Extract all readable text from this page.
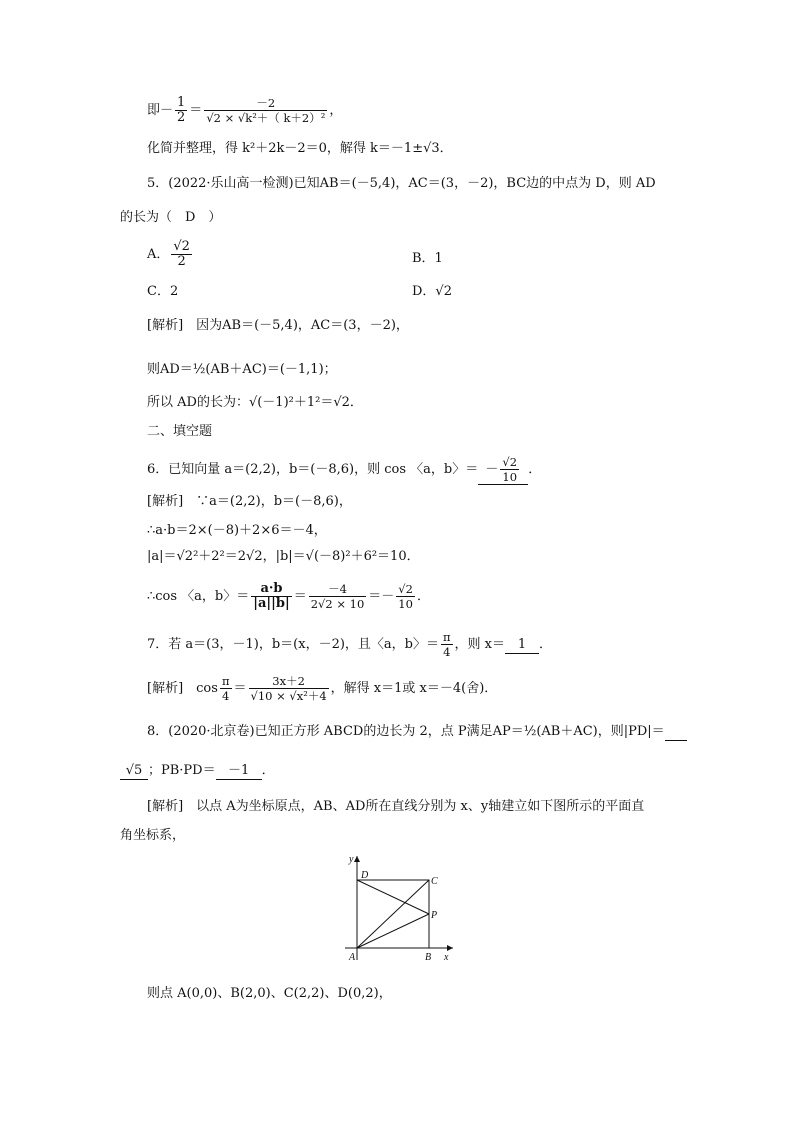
即－ $\frac{1}{2} = \frac{-2}{\text{√2 × √k²＋（ k＋2）²}}$ ，
化简并整理，得 k²＋2k－2＝0，解得 k＝－1±√3．
5．(2022·乐山高一检测)已知AB＝(－5,4)，AC＝(3，－2)，BC边的中点为 D，则 AD
的长为（　D　）
A． $\frac{√2}{2}$	B．1
C．2	D．√2
[解析]　因为AB＝(－5,4)，AC＝(3，－2)，
则AD＝½(AB＋AC)＝(－1,1)；
所以 AD的长为：√(－1)²＋1²＝√2．
二、填空题
6．已知向量 a＝(2,2)，b＝(－8,6)，则 cos 〈a，b〉＝ － $\frac{√2}{10}$ ．
[解析]　∵a＝(2,2)，b＝(－8,6)，
∴a·b＝2×(－8)＋2×6＝－4，
|a|＝√2²＋2²＝2√2，|b|＝√(－8)²＋6²＝10．
∴cos 〈a，b〉＝ $\frac{a\cdot b}{|a||b|} = \frac{-4}{2√2 \times 10} =- \frac{√2}{10}$ ．
7．若 a＝(3，－1)，b＝(x，－2)，且〈a，b〉＝ $\frac{\pi}{4}$ ，则 x＝ 1 ．
[解析]　$\cos \frac{\pi}{4} = \frac{3x+2}{\text{√10 × √x²＋4}}$ ，解得 x＝1或 x＝－4(舍)．
8．(2020·北京卷)已知正方形 ABCD的边长为 2，点 P满足AP＝½(AB＋AC)，则|PD|＝
√5 ；PB·PD＝ －1 ．
[解析]　以点 A为坐标原点，AB、AD所在直线分别为 x、y轴建立如下图所示的平面直
角坐标系，
y
x
A	B
C
D
P
则点 A(0,0)、B(2,0)、C(2,2)、D(0,2)，
